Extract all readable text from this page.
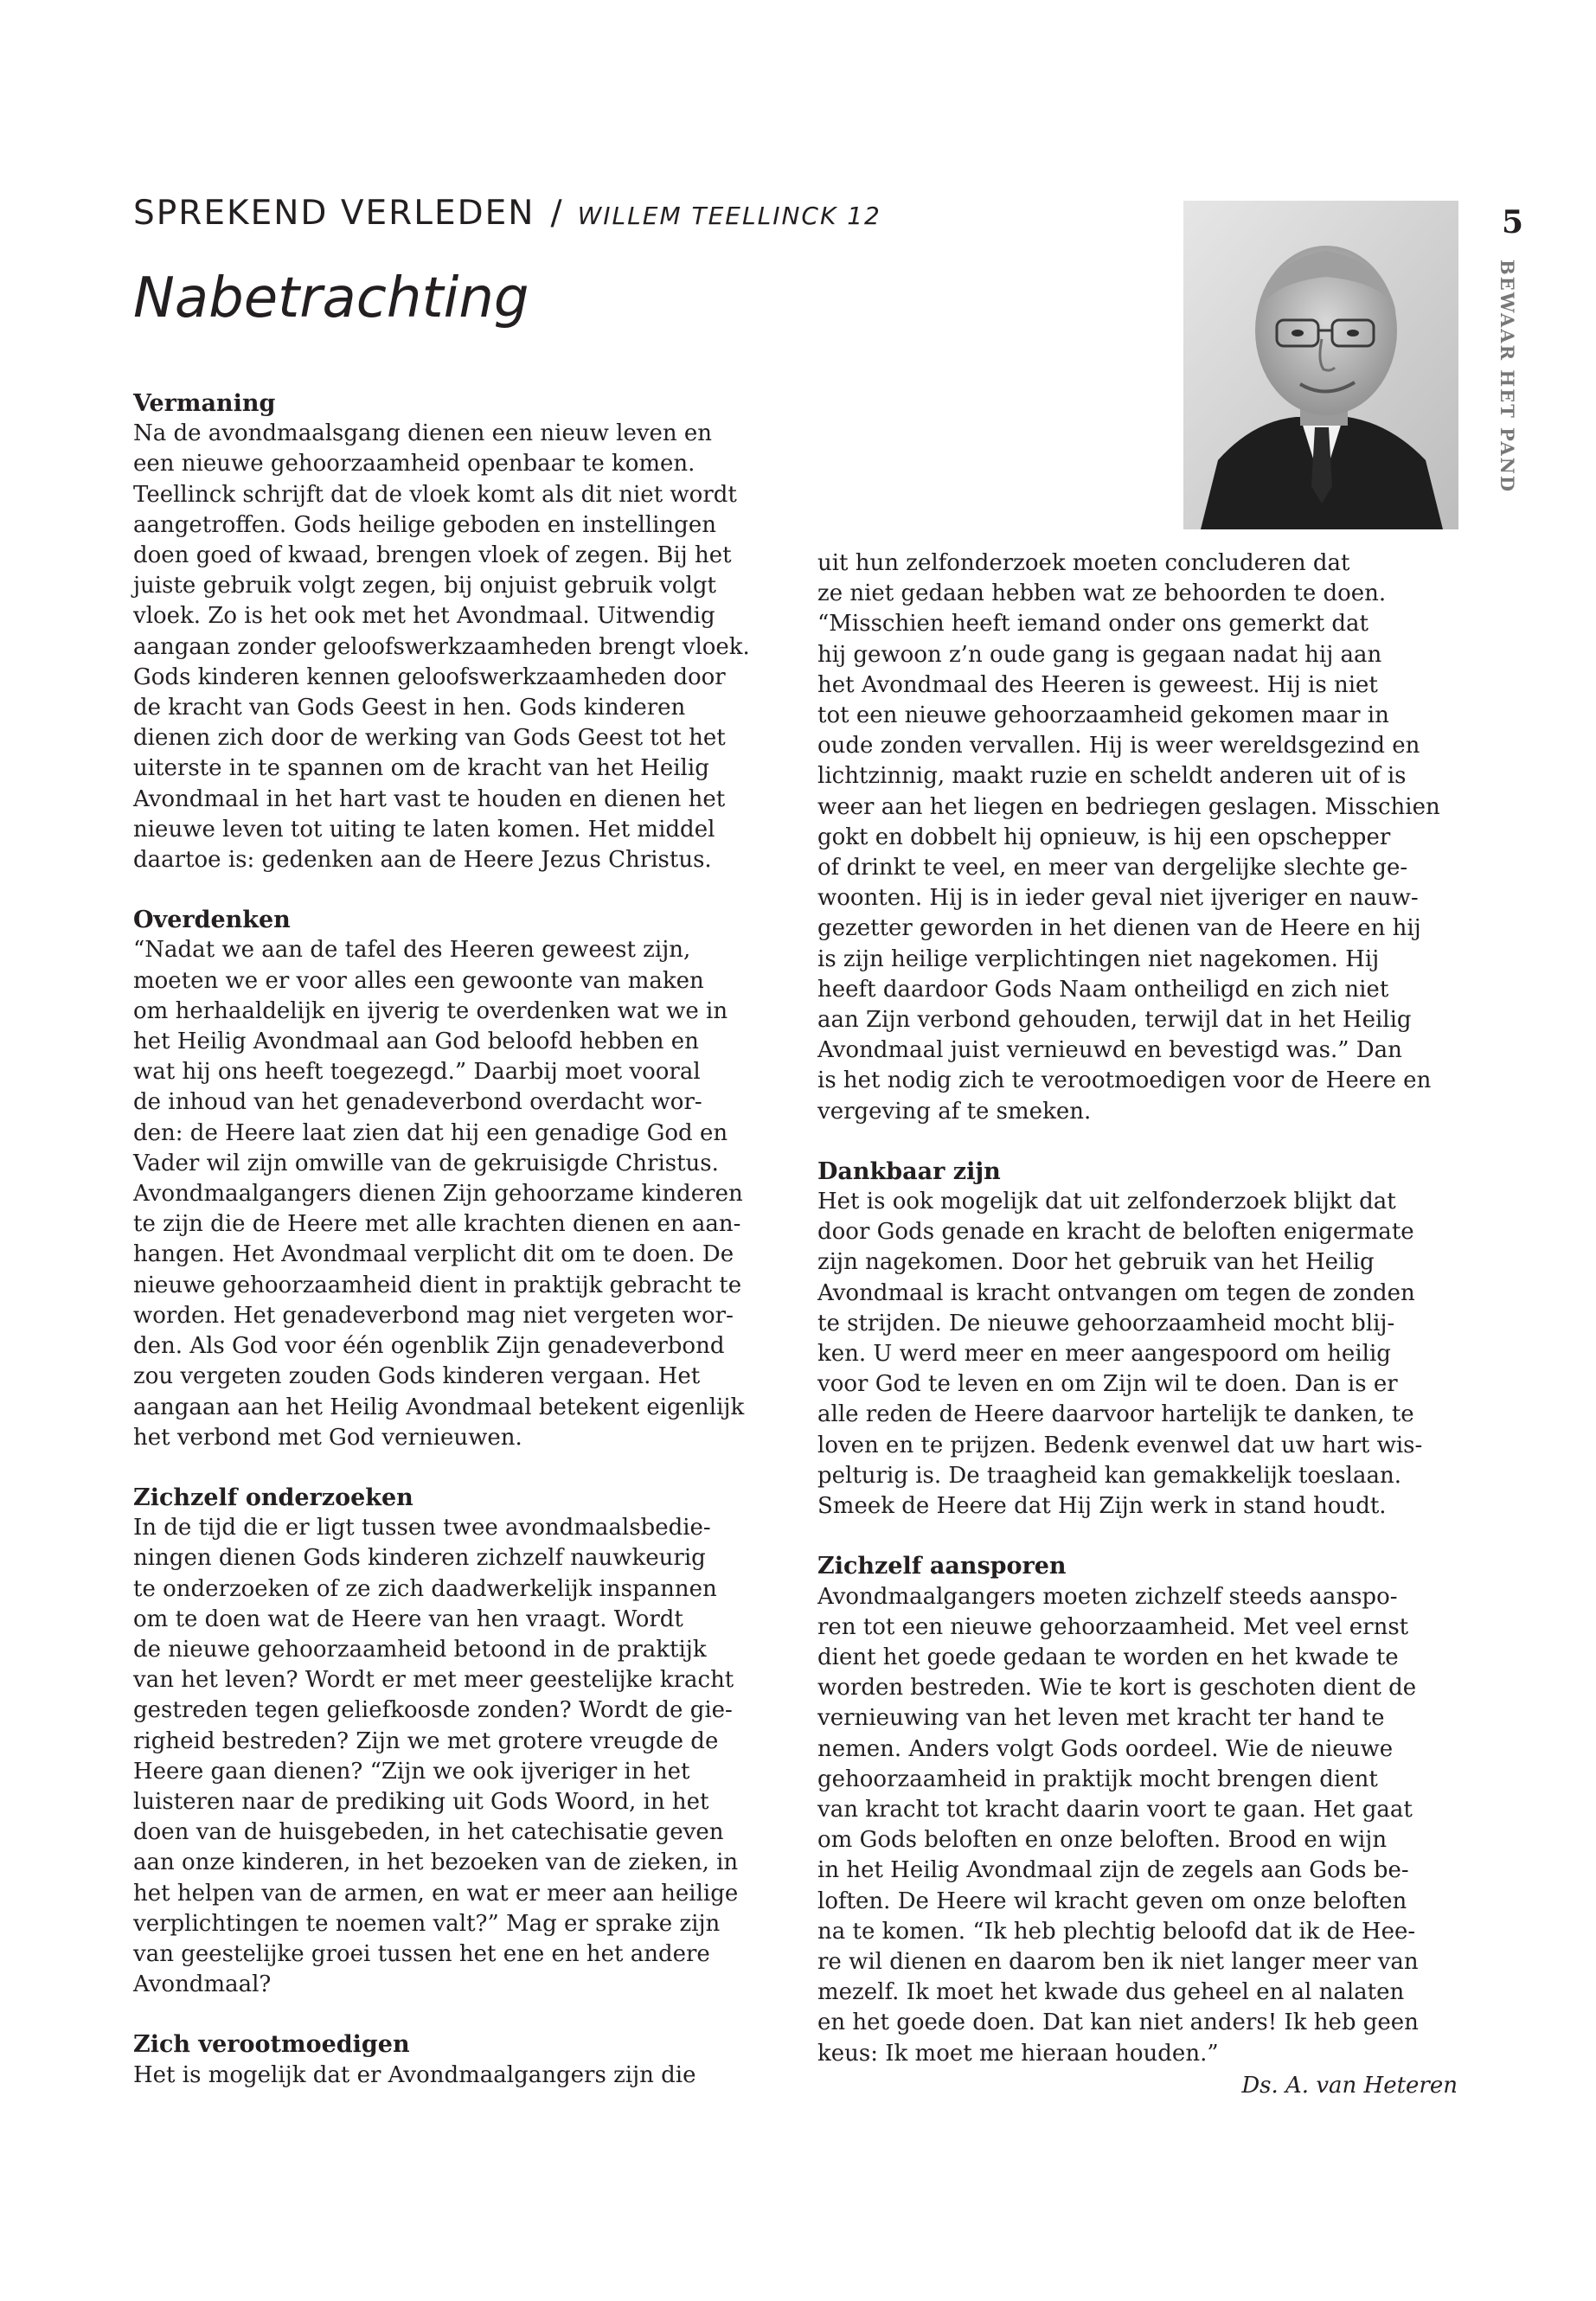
SPREKEND VERLEDEN / WILLEM TEELLINCK 12
Nabetrachting
5
BEWAAR HET PAND
Vermaning

Na de avondmaalsgang dienen een nieuw leven en
een nieuwe gehoorzaamheid openbaar te komen.
Teellinck schrijft dat de vloek komt als dit niet wordt
aangetroffen. Gods heilige geboden en instellingen
doen goed of kwaad, brengen vloek of zegen. Bij het
juiste gebruik volgt zegen, bij onjuist gebruik volgt
vloek. Zo is het ook met het Avondmaal. Uitwendig
aangaan zonder geloofswerkzaamheden brengt vloek.
Gods kinderen kennen geloofswerkzaamheden door
de kracht van Gods Geest in hen. Gods kinderen
dienen zich door de werking van Gods Geest tot het
uiterste in te spannen om de kracht van het Heilig
Avondmaal in het hart vast te houden en dienen het
nieuwe leven tot uiting te laten komen. Het middel
daartoe is: gedenken aan de Heere Jezus Christus.

Overdenken

“Nadat we aan de tafel des Heeren geweest zijn,
moeten we er voor alles een gewoonte van maken
om herhaaldelijk en ijverig te overdenken wat we in
het Heilig Avondmaal aan God beloofd hebben en
wat hij ons heeft toegezegd.” Daarbij moet vooral
de inhoud van het genadeverbond overdacht wor-
den: de Heere laat zien dat hij een genadige God en
Vader wil zijn omwille van de gekruisigde Christus.
Avondmaalgangers dienen Zijn gehoorzame kinderen
te zijn die de Heere met alle krachten dienen en aan-
hangen. Het Avondmaal verplicht dit om te doen. De
nieuwe gehoorzaamheid dient in praktijk gebracht te
worden. Het genadeverbond mag niet vergeten wor-
den. Als God voor één ogenblik Zijn genadeverbond
zou vergeten zouden Gods kinderen vergaan. Het
aangaan aan het Heilig Avondmaal betekent eigenlijk
het verbond met God vernieuwen.

Zichzelf onderzoeken

In de tijd die er ligt tussen twee avondmaalsbedie-
ningen dienen Gods kinderen zichzelf nauwkeurig
te onderzoeken of ze zich daadwerkelijk inspannen
om te doen wat de Heere van hen vraagt. Wordt
de nieuwe gehoorzaamheid betoond in de praktijk
van het leven? Wordt er met meer geestelijke kracht
gestreden tegen geliefkoosde zonden? Wordt de gie-
righeid bestreden? Zijn we met grotere vreugde de
Heere gaan dienen? “Zijn we ook ijveriger in het
luisteren naar de prediking uit Gods Woord, in het
doen van de huisgebeden, in het catechisatie geven
aan onze kinderen, in het bezoeken van de zieken, in
het helpen van de armen, en wat er meer aan heilige
verplichtingen te noemen valt?” Mag er sprake zijn
van geestelijke groei tussen het ene en het andere
Avondmaal?

Zich verootmoedigen

Het is mogelijk dat er Avondmaalgangers zijn die

uit hun zelfonderzoek moeten concluderen dat
ze niet gedaan hebben wat ze behoorden te doen.
“Misschien heeft iemand onder ons gemerkt dat
hij gewoon z’n oude gang is gegaan nadat hij aan
het Avondmaal des Heeren is geweest. Hij is niet
tot een nieuwe gehoorzaamheid gekomen maar in
oude zonden vervallen. Hij is weer wereldsgezind en
lichtzinnig, maakt ruzie en scheldt anderen uit of is
weer aan het liegen en bedriegen geslagen. Misschien
gokt en dobbelt hij opnieuw, is hij een opschepper
of drinkt te veel, en meer van dergelijke slechte ge-
woonten. Hij is in ieder geval niet ijveriger en nauw-
gezetter geworden in het dienen van de Heere en hij
is zijn heilige verplichtingen niet nagekomen. Hij
heeft daardoor Gods Naam ontheiligd en zich niet
aan Zijn verbond gehouden, terwijl dat in het Heilig
Avondmaal juist vernieuwd en bevestigd was.” Dan
is het nodig zich te verootmoedigen voor de Heere en
vergeving af te smeken.

Dankbaar zijn

Het is ook mogelijk dat uit zelfonderzoek blijkt dat
door Gods genade en kracht de beloften enigermate
zijn nagekomen. Door het gebruik van het Heilig
Avondmaal is kracht ontvangen om tegen de zonden
te strijden. De nieuwe gehoorzaamheid mocht blij-
ken. U werd meer en meer aangespoord om heilig
voor God te leven en om Zijn wil te doen. Dan is er
alle reden de Heere daarvoor hartelijk te danken, te
loven en te prijzen. Bedenk evenwel dat uw hart wis-
pelturig is. De traagheid kan gemakkelijk toeslaan.
Smeek de Heere dat Hij Zijn werk in stand houdt.

Zichzelf aansporen

Avondmaalgangers moeten zichzelf steeds aanspo-
ren tot een nieuwe gehoorzaamheid. Met veel ernst
dient het goede gedaan te worden en het kwade te
worden bestreden. Wie te kort is geschoten dient de
vernieuwing van het leven met kracht ter hand te
nemen. Anders volgt Gods oordeel. Wie de nieuwe
gehoorzaamheid in praktijk mocht brengen dient
van kracht tot kracht daarin voort te gaan. Het gaat
om Gods beloften en onze beloften. Brood en wijn
in het Heilig Avondmaal zijn de zegels aan Gods be-
loften. De Heere wil kracht geven om onze beloften
na te komen. “Ik heb plechtig beloofd dat ik de Hee-
re wil dienen en daarom ben ik niet langer meer van
mezelf. Ik moet het kwade dus geheel en al nalaten
en het goede doen. Dat kan niet anders! Ik heb geen
keus: Ik moet me hieraan houden.”

Ds. A. van Heteren
